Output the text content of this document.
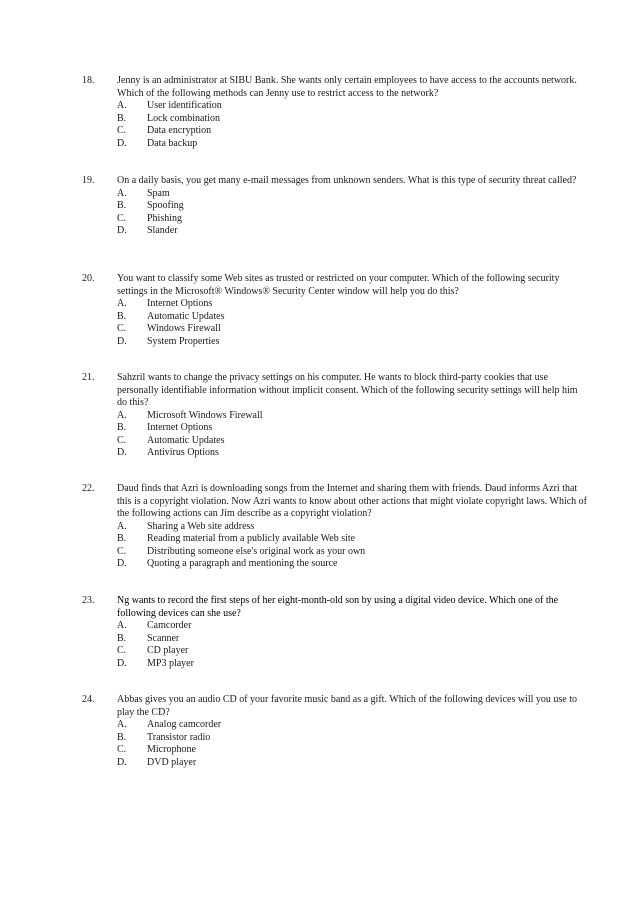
18. Jenny is an administrator at SIBU Bank. She wants only certain employees to have access to the accounts network. Which of the following methods can Jenny use to restrict access to the network?

A.	User identification
B.	Lock combination
C.	Data encryption
D.	Data backup
19. On a daily basis, you get many e-mail messages from unknown senders. What is this type of security threat called?

A.	Spam
B.	Spoofing
C.	Phishing
D.	Slander
20. You want to classify some Web sites as trusted or restricted on your computer. Which of the following security settings in the Microsoft® Windows® Security Center window will help you do this?

A.	Internet Options
B.	Automatic Updates
C.	Windows Firewall
D.	System Properties
21. Sahzril wants to change the privacy settings on his computer. He wants to block third-party cookies that use personally identifiable information without implicit consent. Which of the following security settings will help him do this?

A.	Microsoft Windows Firewall
B.	Internet Options
C.	Automatic Updates
D.	Antivirus Options
22. Daud finds that Azri is downloading songs from the Internet and sharing them with friends. Daud informs Azri that this is a copyright violation. Now Azri wants to know about other actions that might violate copyright laws. Which of the following actions can Jim describe as a copyright violation?

A.	Sharing a Web site address
B.	Reading material from a publicly available Web site
C.	Distributing someone else's original work as your own
D.	Quoting a paragraph and mentioning the source
23. Ng wants to record the first steps of her eight-month-old son by using a digital video device. Which one of the following devices can she use?

A.	Camcorder
B.	Scanner
C.	CD player
D.	MP3 player
24. Abbas gives you an audio CD of your favorite music band as a gift. Which of the following devices will you use to play the CD?

A.	Analog camcorder
B.	Transistor radio
C.	Microphone
D.	DVD player
